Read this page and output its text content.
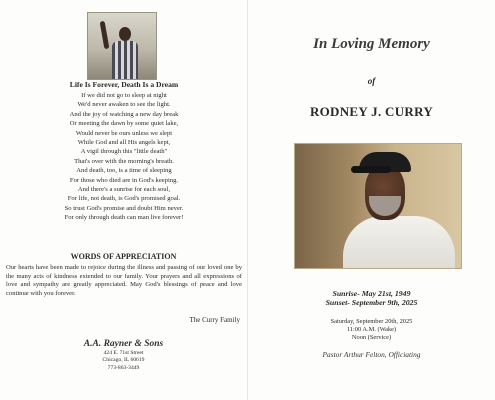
Life Is Forever, Death Is a Dream
If we did not go to sleep at night
We'd never awaken to see the light.
And the joy of watching a new day break
Or meeting the dawn by some quiet lake,
Would never be ours unless we slept
While God and all His angels kept,
A vigil through this "little death"
That's over with the morning's breath.
And death, too, is a time of sleeping
For those who died are in God's keeping.
And there's a sunrise for each soul,
For life, not death, is God's promised goal.
So trust God's promise and doubt Him never.
For only through death can man live forever!
WORDS OF APPRECIATION
Our hearts have been made to rejoice during the illness and passing of our loved one by the many acts of kindness extended to our family. Your prayers and all expressions of love and sympathy are greatly appreciated. May God's blessings of peace and love continue with you forever.
The Curry Family
A.A. Rayner & Sons
424 E. 71st Street
Chicago, IL 60619
773-863-3449
In Loving Memory
of
RODNEY J. CURRY
Sunrise- May 21st, 1949
Sunset- September 9th, 2025
Saturday, September 20th, 2025
11:00 A.M. (Wake)
Noon (Service)
Pastor Arthur Felton, Officiating
